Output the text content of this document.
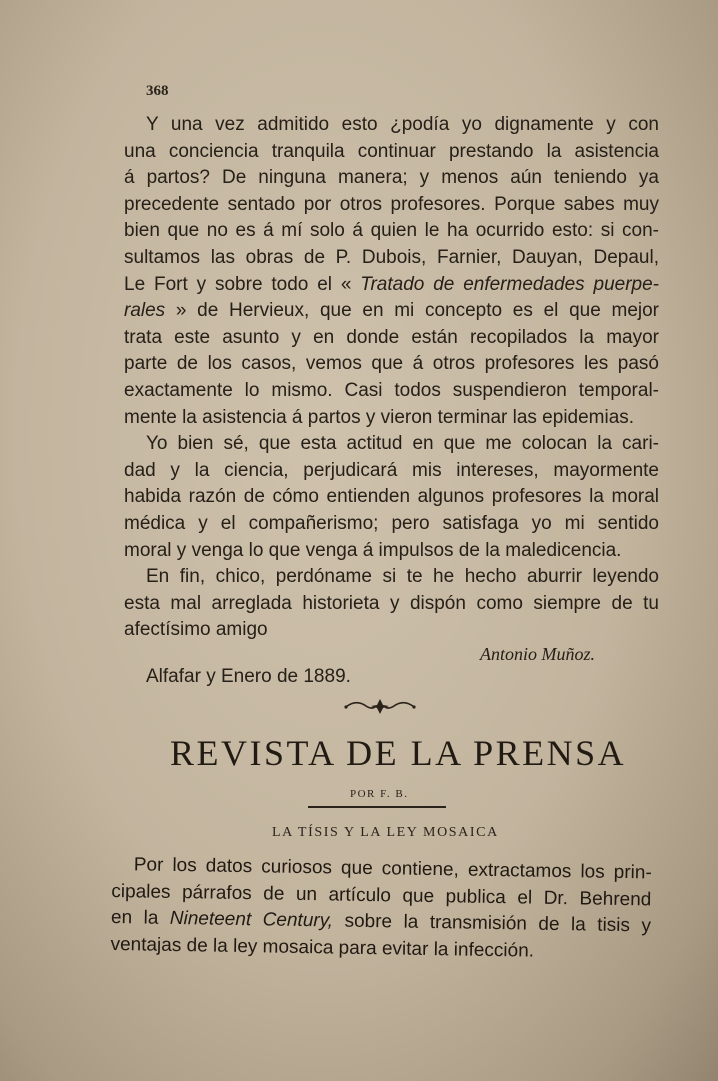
368

Y una vez admitido esto ¿podía yo dignamente y con
una conciencia tranquila continuar prestando la asistencia
á partos? De ninguna manera; y menos aún teniendo ya
precedente sentado por otros profesores. Porque sabes muy
bien que no es á mí solo á quien le ha ocurrido esto: si con-
sultamos las obras de P. Dubois, Farnier, Dauyan, Depaul,
Le Fort y sobre todo el « Tratado de enfermedades puerpe-
rales » de Hervieux, que en mi concepto es el que mejor
trata este asunto y en donde están recopilados la mayor
parte de los casos, vemos que á otros profesores les pasó
exactamente lo mismo. Casi todos suspendieron temporal-
mente la asistencia á partos y vieron terminar las epidemias.

Yo bien sé, que esta actitud en que me colocan la cari-
dad y la ciencia, perjudicará mis intereses, mayormente
habida razón de cómo entienden algunos profesores la moral
médica y el compañerismo; pero satisfaga yo mi sentido
moral y venga lo que venga á impulsos de la maledicencia.

En fin, chico, perdóname si te he hecho aburrir leyendo
esta mal arreglada historieta y dispón como siempre de tu
afectísimo amigo

Antonio Muñoz.
Alfafar y Enero de 1889.
REVISTA DE LA PRENSA
POR F. B.
LA TÍSIS Y LA LEY MOSAICA
Por los datos curiosos que contiene, extractamos los prin-
cipales párrafos de un artículo que publica el Dr. Behrend
en la Nineteent Century, sobre la transmisión de la tisis y
ventajas de la ley mosaica para evitar la infección.
